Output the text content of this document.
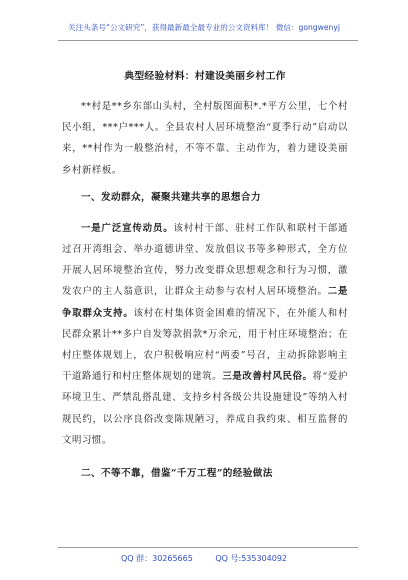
关注头条号“公文研究”，获得最新最全最专业的公文资料库！ 微信：gongwenyj
典型经验材料：村建设美丽乡村工作

**村是**乡东部山头村，全村版图面积*.*平方公里，七个村民小组，***户***人。全县农村人居环境整治“夏季行动”启动以来，**村作为一般整治村，不等不靠、主动作为，着力建设美丽乡村新样板。

一、发动群众，凝聚共建共享的思想合力

一是广泛宣传动员。该村村干部、驻村工作队和联村干部通过召开湾组会、举办道德讲堂、发放倡议书等多种形式，全方位开展人居环境整治宣传，努力改变群众思想观念和行为习惯，激发农户的主人翁意识，让群众主动参与农村人居环境整治。二是争取群众支持。该村在村集体资金困难的情况下，在外能人和村民群众累计**多户自发筹款捐款*万余元，用于村庄环境整治；在村庄整体规划上，农户积极响应村“两委”号召，主动拆除影响主干道路通行和村庄整体规划的建筑。三是改善村风民俗。将“爱护环境卫生、严禁乱搭乱建、支持乡村各级公共设施建设”等纳入村规民约，以公序良俗改变陈规陋习，养成自我约束、相互监督的文明习惯。

二、不等不靠，借鉴“千万工程”的经验做法
QQ 群：30265665	QQ 号:535304092
